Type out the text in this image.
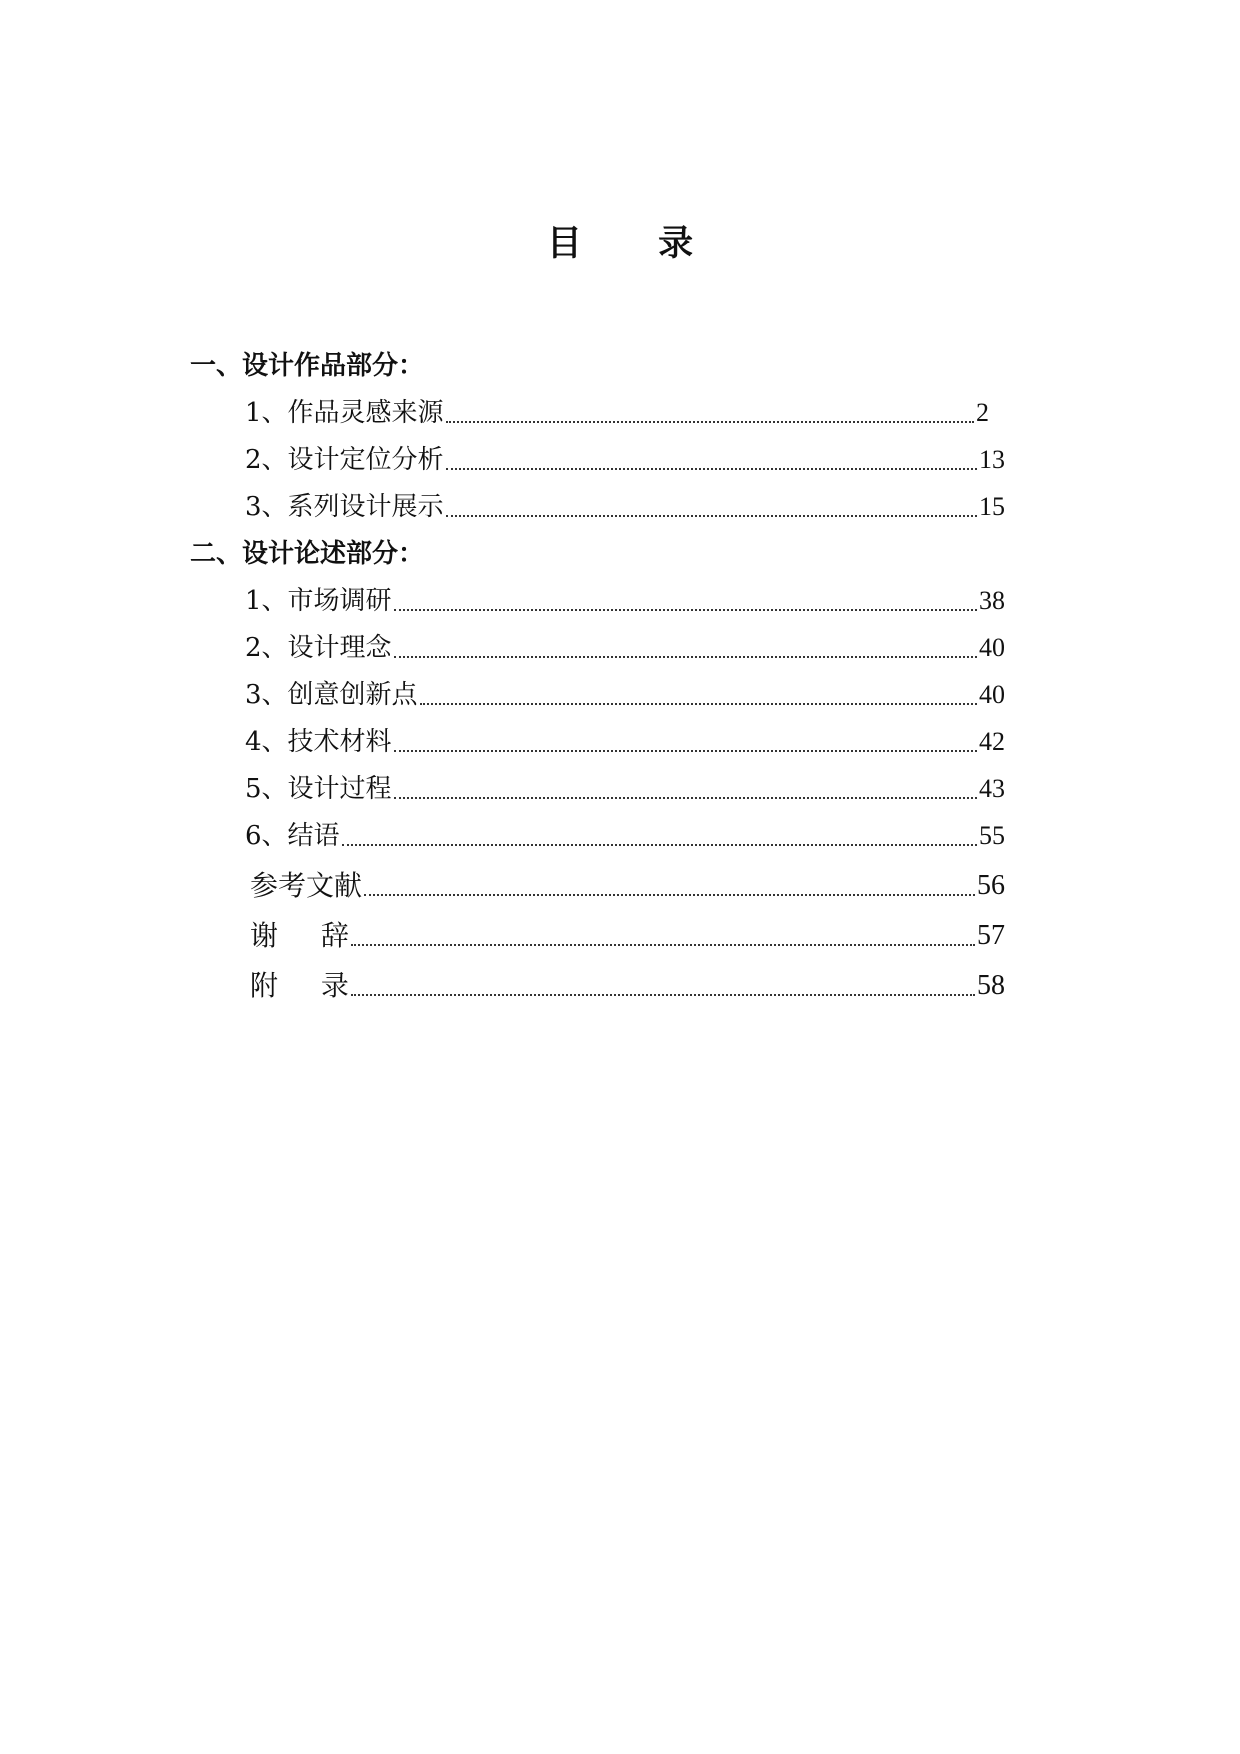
目 录
一、设计作品部分：
1、作品灵感来源	2
2、设计定位分析	13
3、系列设计展示	15
二、设计论述部分：
1、市场调研	38
2、设计理念	40
3、创意创新点	40
4、技术材料	42
5、设计过程	43
6、结语	55
参考文献	56
谢 辞	57
附 录	58
